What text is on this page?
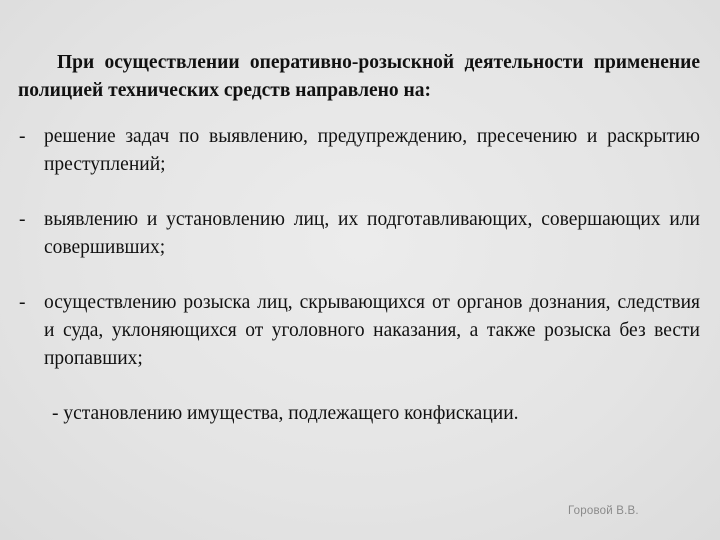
При осуществлении оперативно-розыскной деятельности применение полицией технических средств направлено на:

- решение задач по выявлению, предупреждению, пресечению и раскрытию преступлений;
- выявлению и установлению лиц, их подготавливающих, совершающих или совершивших;
- осуществлению розыска лиц, скрывающихся от органов дознания, следствия и суда, уклоняющихся от уголовного наказания, а также розыска без вести пропавших;

- установлению имущества, подлежащего конфискации.

Горовой В.В.
